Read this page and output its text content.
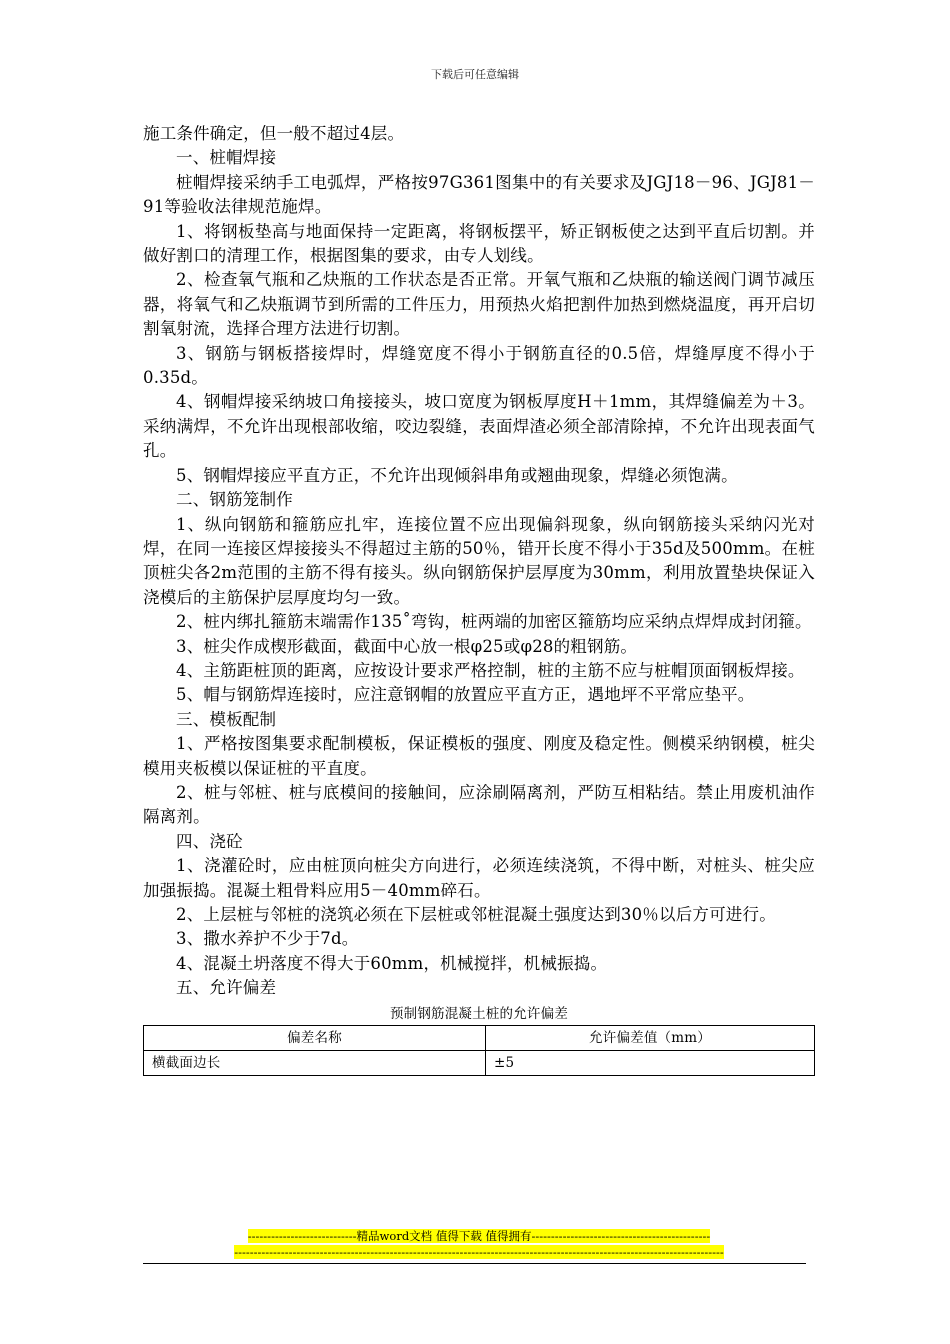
下载后可任意编辑

施工条件确定，但一般不超过4层。

一、桩帽焊接

桩帽焊接采纳手工电弧焊，严格按97G361图集中的有关要求及JGJ18－96、JGJ81－91等验收法律规范施焊。

1、将钢板垫高与地面保持一定距离，将钢板摆平，矫正钢板使之达到平直后切割。并做好割口的清理工作，根据图集的要求，由专人划线。

2、检查氧气瓶和乙炔瓶的工作状态是否正常。开氧气瓶和乙炔瓶的输送阀门调节减压器，将氧气和乙炔瓶调节到所需的工件压力，用预热火焰把割件加热到燃烧温度，再开启切割氧射流，选择合理方法进行切割。

3、钢筋与钢板搭接焊时，焊缝宽度不得小于钢筋直径的0.5倍，焊缝厚度不得小于0.35d。

4、钢帽焊接采纳坡口角接接头，坡口宽度为钢板厚度H＋1mm，其焊缝偏差为＋3。采纳满焊，不允许出现根部收缩，咬边裂缝，表面焊渣必须全部清除掉，不允许出现表面气孔。

5、钢帽焊接应平直方正，不允许出现倾斜串角或翘曲现象，焊缝必须饱满。

二、钢筋笼制作

1、纵向钢筋和箍筋应扎牢，连接位置不应出现偏斜现象，纵向钢筋接头采纳闪光对焊，在同一连接区焊接接头不得超过主筋的50％，错开长度不得小于35d及500mm。在桩顶桩尖各2m范围的主筋不得有接头。纵向钢筋保护层厚度为30mm，利用放置垫块保证入浇模后的主筋保护层厚度均匀一致。

2、桩内绑扎箍筋末端需作135˚弯钩，桩两端的加密区箍筋均应采纳点焊焊成封闭箍。

3、桩尖作成楔形截面，截面中心放一根φ25或φ28的粗钢筋。

4、主筋距桩顶的距离，应按设计要求严格控制，桩的主筋不应与桩帽顶面钢板焊接。

5、帽与钢筋焊连接时，应注意钢帽的放置应平直方正，遇地坪不平常应垫平。

三、模板配制

1、严格按图集要求配制模板，保证模板的强度、刚度及稳定性。侧模采纳钢模，桩尖模用夹板模以保证桩的平直度。

2、桩与邻桩、桩与底模间的接触间，应涂刷隔离剂，严防互相粘结。禁止用废机油作隔离剂。

四、浇砼

1、浇灌砼时，应由桩顶向桩尖方向进行，必须连续浇筑，不得中断，对桩头、桩尖应加强振捣。混凝土粗骨料应用5－40mm碎石。

2、上层桩与邻桩的浇筑必须在下层桩或邻桩混凝土强度达到30％以后方可进行。

3、撒水养护不少于7d。

4、混凝土坍落度不得大于60mm，机械搅拌，机械振捣。

五、允许偏差

预制钢筋混凝土桩的允许偏差
偏差名称	允许偏差值（mm）
横截面边长	±5
----------------------------精品word文档 值得下载 值得拥有----------------------------------------------
------------------------------------------------------------------------------------------------------------------------------
